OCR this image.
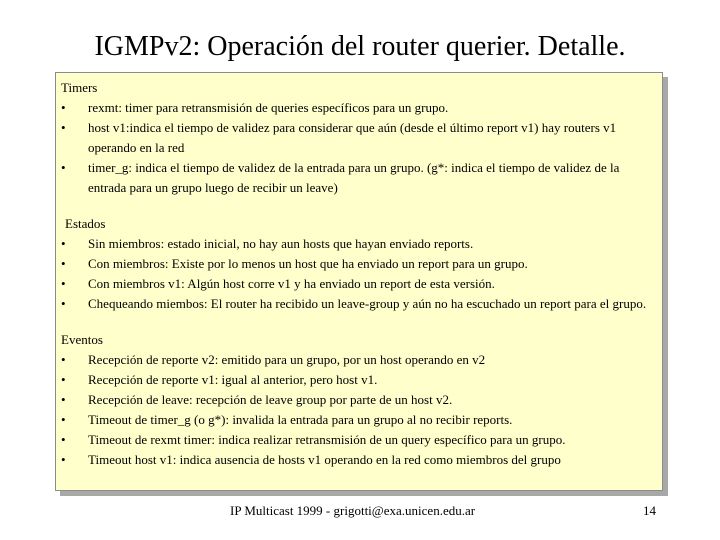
IGMPv2: Operación del router querier. Detalle.
Timers
• rexmt: timer para retransmisión de queries específicos para un grupo.
• host v1:indica el tiempo de validez para considerar que aún (desde el último report v1) hay routers v1 operando en la red
• timer_g: indica el tiempo de validez de la entrada para un grupo. (g*: indica el tiempo de validez de la entrada para un grupo luego de recibir un leave)
Estados
• Sin miembros: estado inicial, no hay aun hosts que hayan enviado reports.
• Con miembros: Existe por lo menos un host que ha enviado un report para un grupo.
• Con miembros v1: Algún host corre v1 y ha enviado un report de esta versión.
• Chequeando miembos: El router ha recibido un leave-group y aún no ha escuchado un report para el grupo.
Eventos
• Recepción de reporte v2: emitido para un grupo, por un host operando en v2
• Recepción de reporte v1: igual al anterior, pero host v1.
• Recepción de leave: recepción de leave group por parte de un host v2.
• Timeout de timer_g (o g*): invalida la entrada para un grupo al no recibir reports.
• Timeout de rexmt timer: indica realizar retransmisión de un query específico para un grupo.
• Timeout host v1: indica ausencia de hosts v1 operando en la red como miembros del grupo
IP Multicast 1999 - grigotti@exa.unicen.edu.ar	14
